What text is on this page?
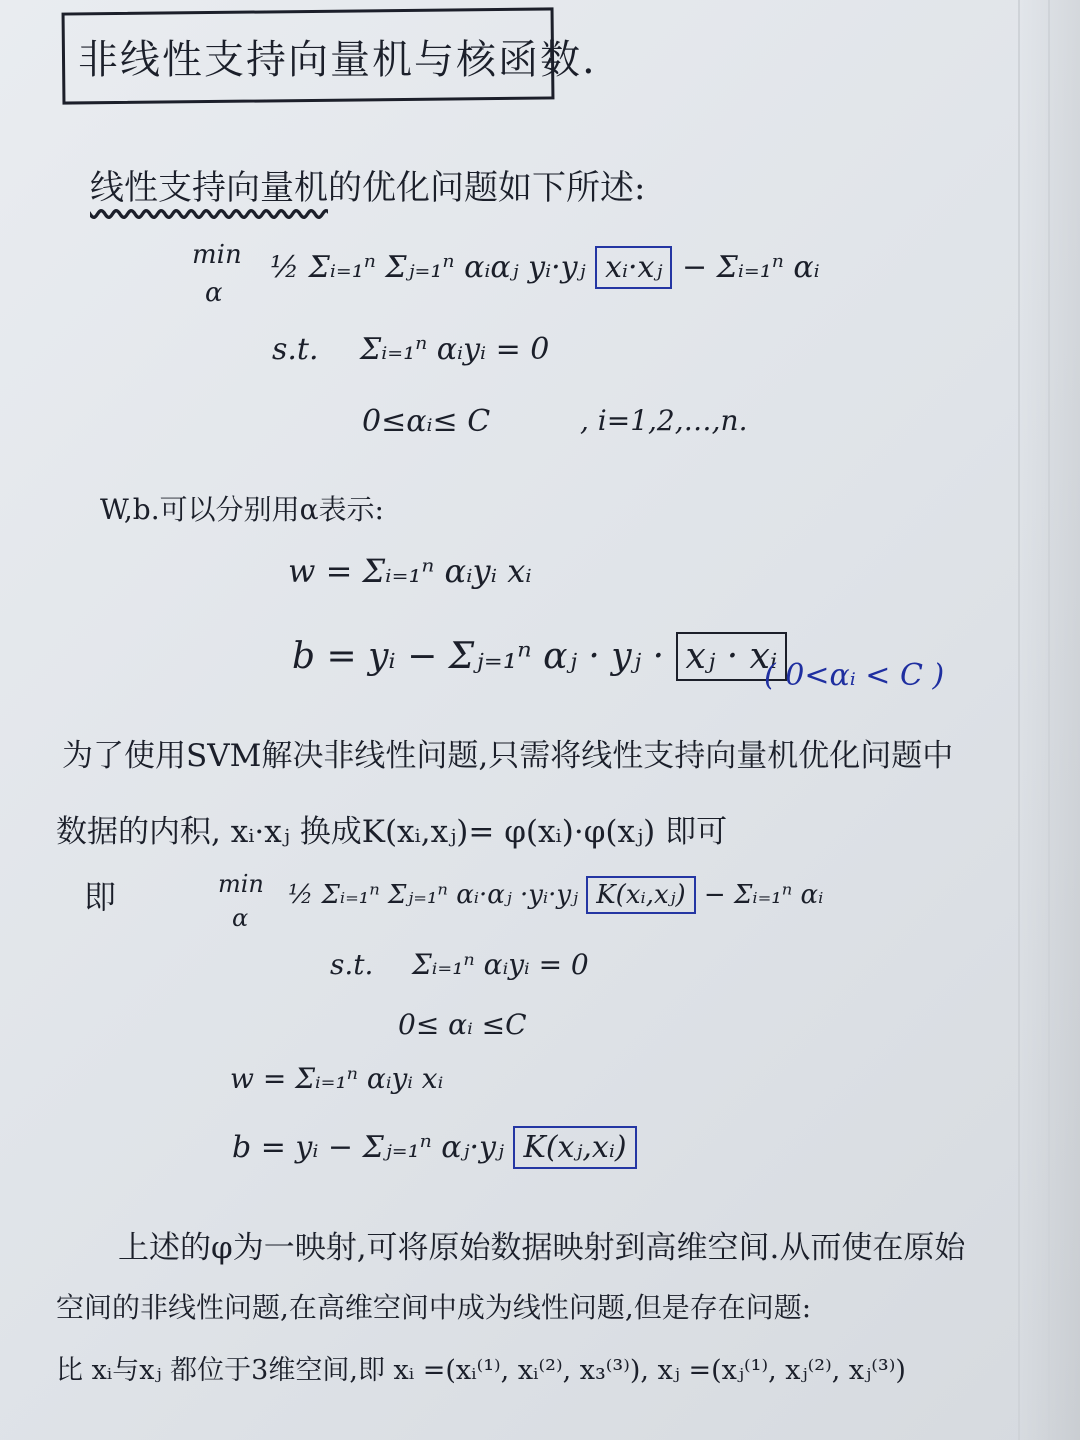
非线性支持向量机与核函数.
线性支持向量机的优化问题如下所述:
min
α
½ Σᵢ₌₁ⁿ Σⱼ₌₁ⁿ αᵢαⱼ yᵢ·yⱼ xᵢ·xⱼ − Σᵢ₌₁ⁿ αᵢ
s.t. Σᵢ₌₁ⁿ αᵢyᵢ = 0
0≤αᵢ≤ C	, i=1,2,…,n.
W,b.可以分别用α表示:
w = Σᵢ₌₁ⁿ αᵢyᵢ xᵢ
b = yᵢ − Σⱼ₌₁ⁿ αⱼ · yⱼ · xⱼ · xᵢ
( 0<αᵢ < C )
为了使用SVM解决非线性问题,只需将线性支持向量机优化问题中
数据的内积, xᵢ·xⱼ 换成K(xᵢ,xⱼ)= φ(xᵢ)·φ(xⱼ) 即可
即	min
α
½ Σᵢ₌₁ⁿ Σⱼ₌₁ⁿ αᵢ·αⱼ ·yᵢ·yⱼ K(xᵢ,xⱼ) − Σᵢ₌₁ⁿ αᵢ
s.t. Σᵢ₌₁ⁿ αᵢyᵢ = 0
0≤ αᵢ ≤C
w = Σᵢ₌₁ⁿ αᵢyᵢ xᵢ
b = yᵢ − Σⱼ₌₁ⁿ αⱼ·yⱼ K(xⱼ,xᵢ)
上述的φ为一映射,可将原始数据映射到高维空间.从而使在原始
空间的非线性问题,在高维空间中成为线性问题,但是存在问题:
比 xᵢ与xⱼ 都位于3维空间,即 xᵢ =(xᵢ⁽¹⁾, xᵢ⁽²⁾, x₃⁽³⁾), xⱼ =(xⱼ⁽¹⁾, xⱼ⁽²⁾, xⱼ⁽³⁾)
